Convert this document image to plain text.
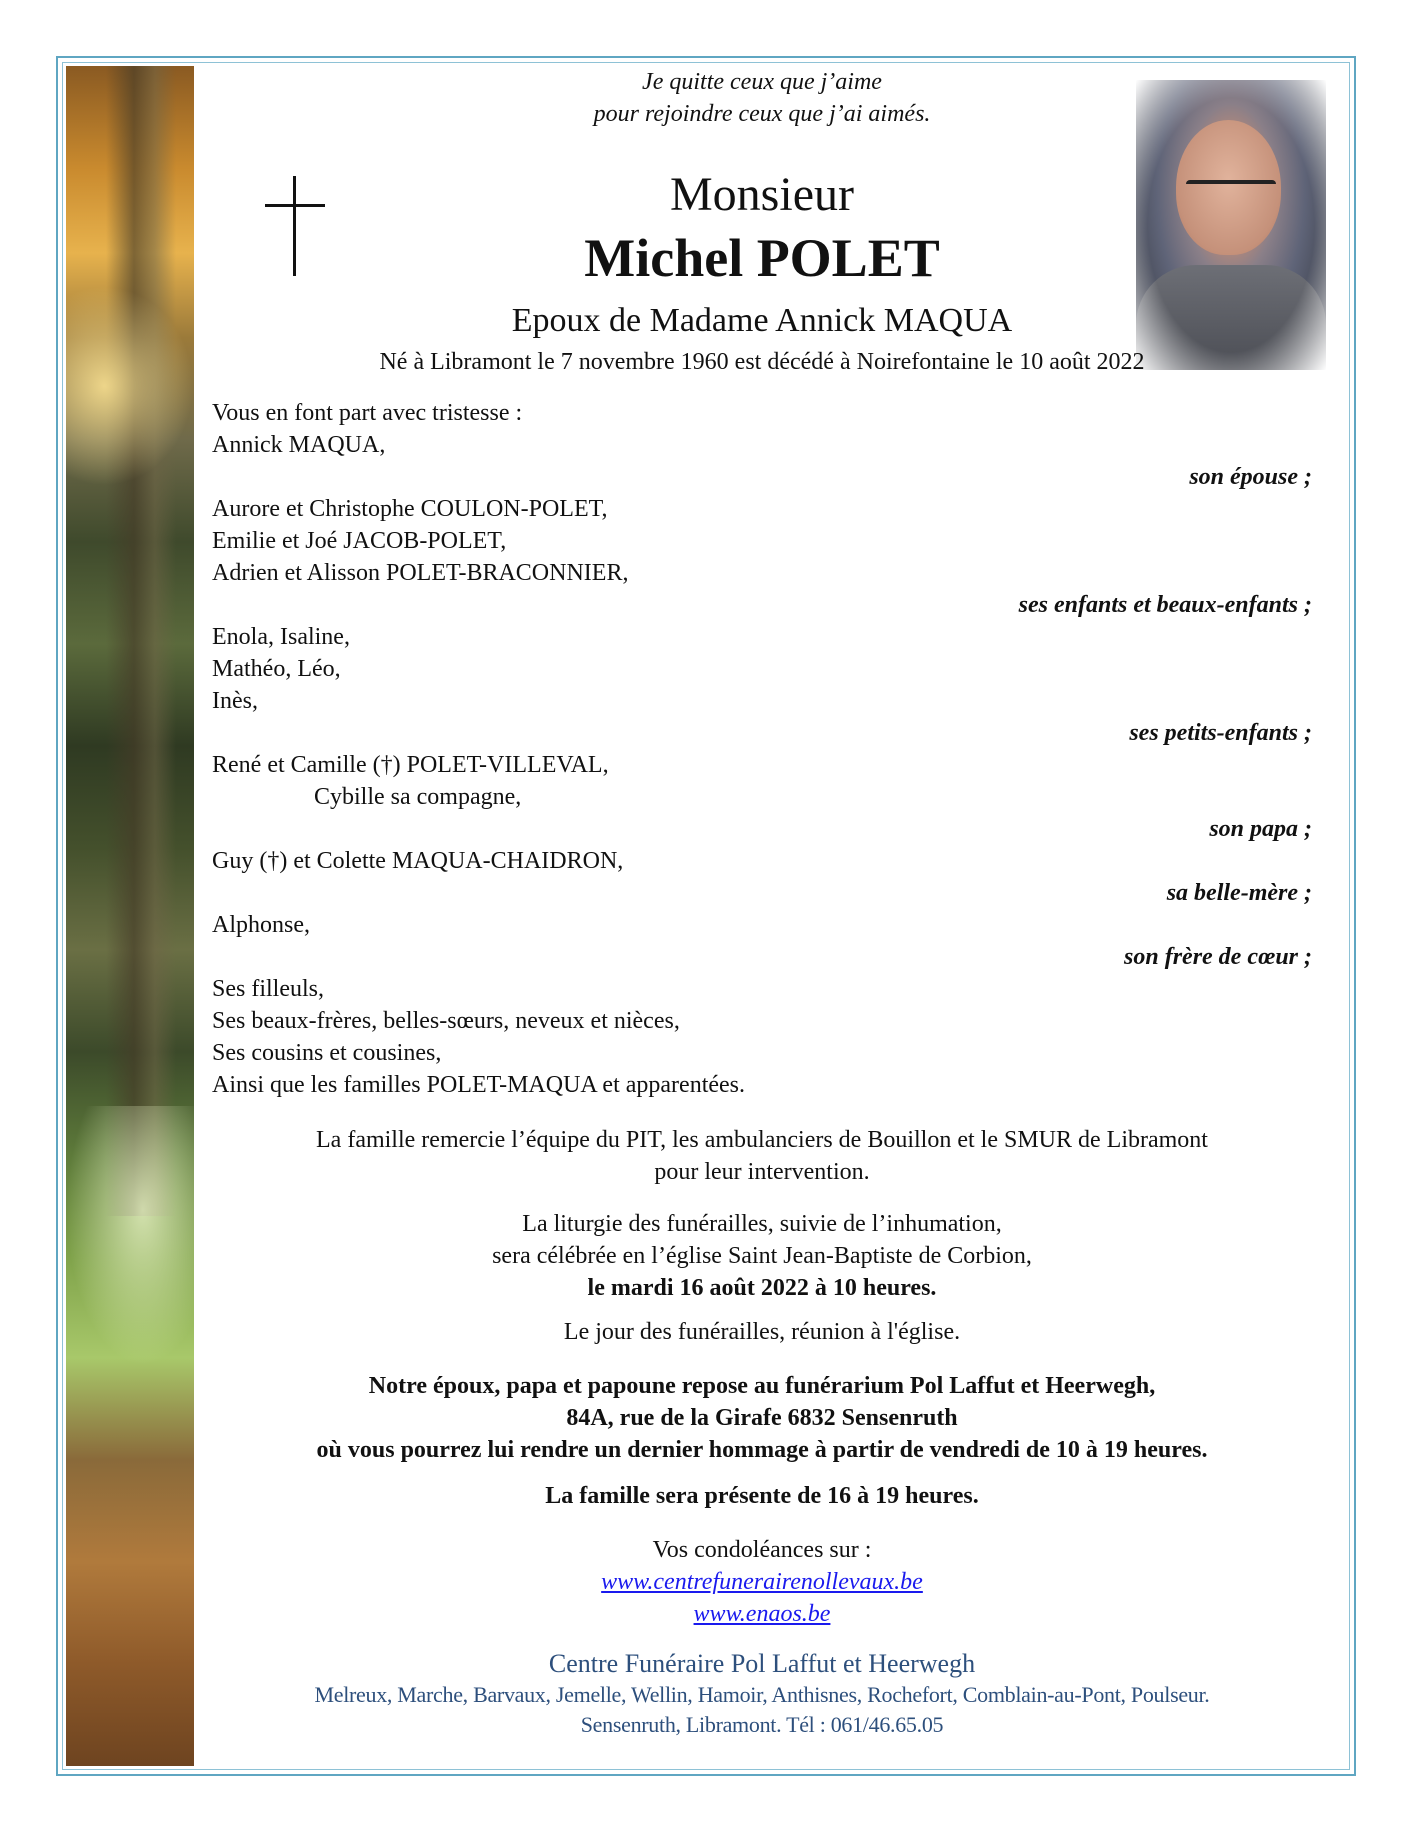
Je quitte ceux que j’aime
pour rejoindre ceux que j’ai aimés.
Monsieur
Michel POLET
Epoux de Madame Annick MAQUA
Né à Libramont le 7 novembre 1960 est décédé à Noirefontaine le 10 août 2022
Vous en font part avec tristesse :
Annick MAQUA,
son épouse ;
Aurore et Christophe COULON-POLET,
Emilie et Joé JACOB-POLET,
Adrien et Alisson POLET-BRACONNIER,
ses enfants et beaux-enfants ;
Enola, Isaline,
Mathéo, Léo,
Inès,
ses petits-enfants ;
René et Camille (†) POLET-VILLEVAL,
Cybille sa compagne,
son papa ;
Guy (†) et Colette MAQUA-CHAIDRON,
sa belle-mère ;
Alphonse,
son frère de cœur ;
Ses filleuls,
Ses beaux-frères, belles-sœurs, neveux et nièces,
Ses cousins et cousines,
Ainsi que les familles POLET-MAQUA et apparentées.
La famille remercie l’équipe du PIT, les ambulanciers de Bouillon et le SMUR de Libramont
pour leur intervention.
La liturgie des funérailles, suivie de l’inhumation,
sera célébrée en l’église Saint Jean-Baptiste de Corbion,
le mardi 16 août 2022 à 10 heures.
Le jour des funérailles, réunion à l'église.
Notre époux, papa et papoune repose au funérarium Pol Laffut et Heerwegh,
84A, rue de la Girafe 6832 Sensenruth
où vous pourrez lui rendre un dernier hommage à partir de vendredi de 10 à 19 heures.
La famille sera présente de 16 à 19 heures.
Vos condoléances sur :
www.centrefunerairenollevaux.be
www.enaos.be
Centre Funéraire Pol Laffut et Heerwegh
Melreux, Marche, Barvaux, Jemelle, Wellin, Hamoir, Anthisnes, Rochefort, Comblain-au-Pont, Poulseur.
Sensenruth, Libramont. Tél : 061/46.65.05
